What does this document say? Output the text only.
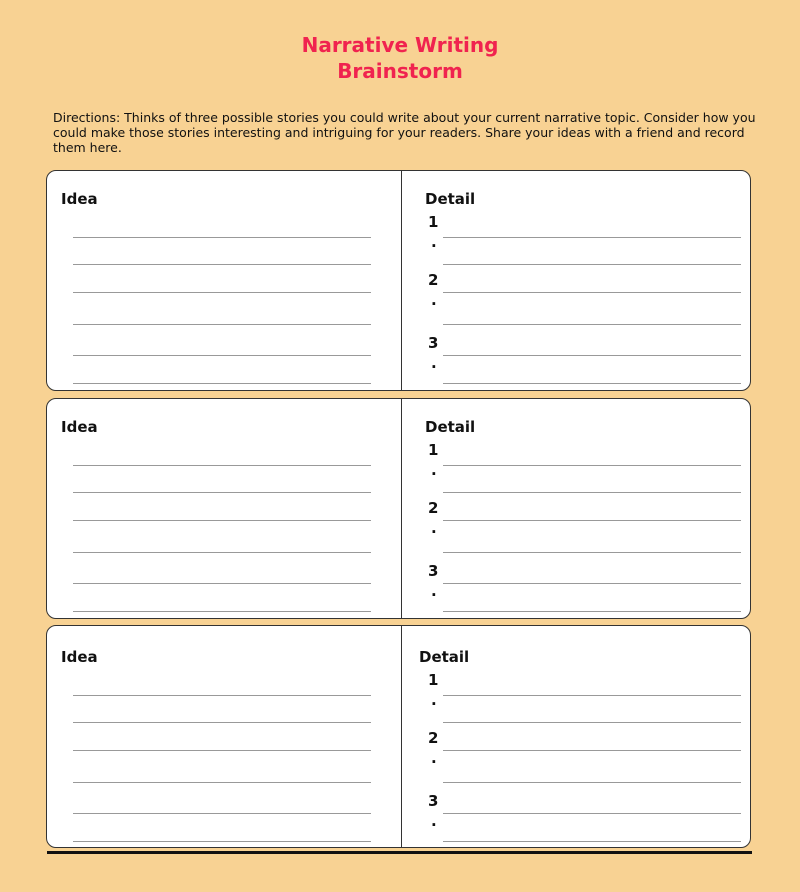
Narrative Writing
Brainstorm
Directions: Thinks of three possible stories you could write about your current narrative topic. Consider how you could make those stories interesting and intriguing for your readers. Share your ideas with a friend and record them here.
Idea	Detail
1
.
2
.
3
.
Idea	Detail
1
.
2
.
3
.
Idea	Detail
1
.
2
.
3
.
